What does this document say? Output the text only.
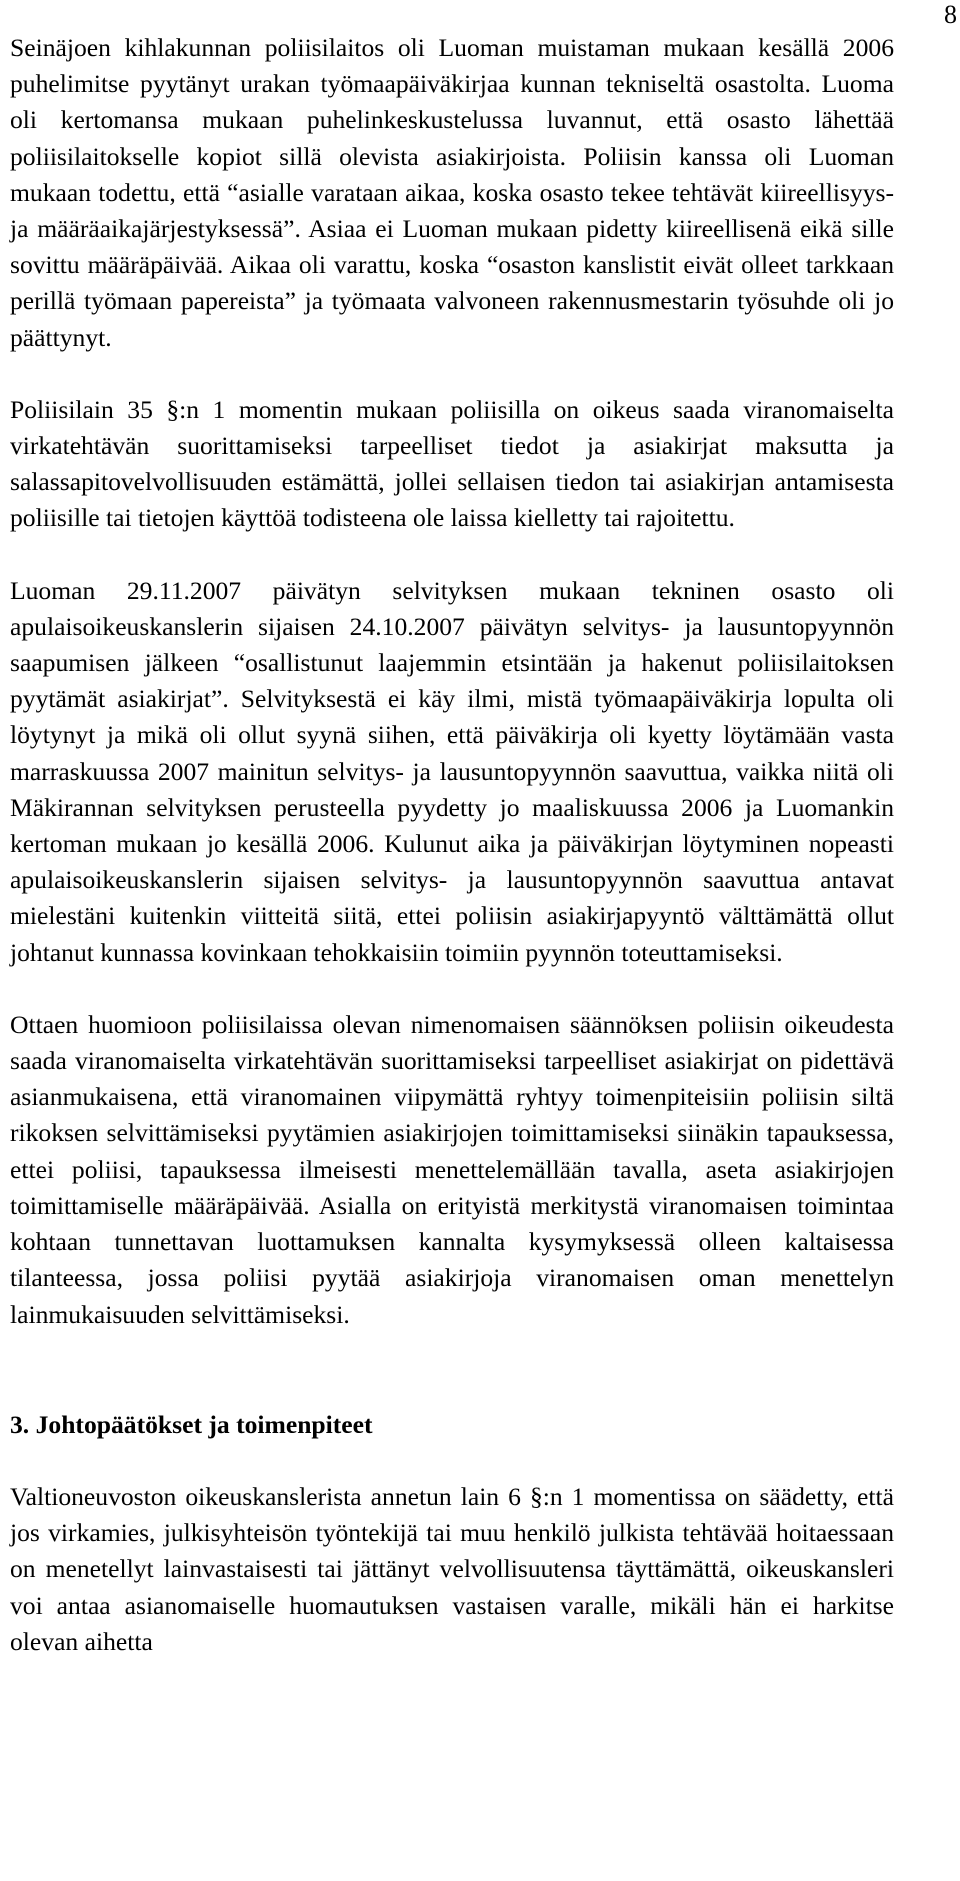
8

Seinäjoen kihlakunnan poliisilaitos oli Luoman muistaman mukaan kesällä 2006 puhelimitse pyytänyt urakan työmaapäiväkirjaa kunnan tekniseltä osastolta. Luoma oli kertomansa mukaan puhelinkeskustelussa luvannut, että osasto lähettää poliisilaitokselle kopiot sillä olevista asiakirjoista. Poliisin kanssa oli Luoman mukaan todettu, että “asialle varataan aikaa, koska osasto tekee tehtävät kiireellisyys- ja määräaikajärjestyksessä”. Asiaa ei Luoman mukaan pidetty kiireellisenä eikä sille sovittu määräpäivää. Aikaa oli varattu, koska “osaston kanslistit eivät olleet tarkkaan perillä työmaan papereista” ja työmaata valvoneen rakennusmestarin työsuhde oli jo päättynyt.

Poliisilain 35 §:n 1 momentin mukaan poliisilla on oikeus saada viranomaiselta virkatehtävän suorittamiseksi tarpeelliset tiedot ja asiakirjat maksutta ja salassapitovelvollisuuden estämättä, jollei sellaisen tiedon tai asiakirjan antamisesta poliisille tai tietojen käyttöä todisteena ole laissa kielletty tai rajoitettu.

Luoman 29.11.2007 päivätyn selvityksen mukaan tekninen osasto oli apulaisoikeuskanslerin sijaisen 24.10.2007 päivätyn selvitys- ja lausuntopyynnön saapumisen jälkeen “osallistunut laajemmin etsintään ja hakenut poliisilaitoksen pyytämät asiakirjat”. Selvityksestä ei käy ilmi, mistä työmaapäiväkirja lopulta oli löytynyt ja mikä oli ollut syynä siihen, että päiväkirja oli kyetty löytämään vasta marraskuussa 2007 mainitun selvitys- ja lausuntopyynnön saavuttua, vaikka niitä oli Mäkirannan selvityksen perusteella pyydetty jo maaliskuussa 2006 ja Luomankin kertoman mukaan jo kesällä 2006. Kulunut aika ja päiväkirjan löytyminen nopeasti apulaisoikeuskanslerin sijaisen selvitys- ja lausuntopyynnön saavuttua antavat mielestäni kuitenkin viitteitä siitä, ettei poliisin asiakirjapyyntö välttämättä ollut johtanut kunnassa kovinkaan tehokkaisiin toimiin pyynnön toteuttamiseksi.

Ottaen huomioon poliisilaissa olevan nimenomaisen säännöksen poliisin oikeudesta saada viranomaiselta virkatehtävän suorittamiseksi tarpeelliset asiakirjat on pidettävä asianmukaisena, että viranomainen viipymättä ryhtyy toimenpiteisiin poliisin siltä rikoksen selvittämiseksi pyytämien asiakirjojen toimittamiseksi siinäkin tapauksessa, ettei poliisi, tapauksessa ilmeisesti menettelemällään tavalla, aseta asiakirjojen toimittamiselle määräpäivää. Asialla on erityistä merkitystä viranomaisen toimintaa kohtaan tunnettavan luottamuksen kannalta kysymyksessä olleen kaltaisessa tilanteessa, jossa poliisi pyytää asiakirjoja viranomaisen oman menettelyn lainmukaisuuden selvittämiseksi.

3. Johtopäätökset ja toimenpiteet

Valtioneuvoston oikeuskanslerista annetun lain 6 §:n 1 momentissa on säädetty, että jos virkamies, julkisyhteisön työntekijä tai muu henkilö julkista tehtävää hoitaessaan on menetellyt lainvastaisesti tai jättänyt velvollisuutensa täyttämättä, oikeuskansleri voi antaa asianomaiselle huomautuksen vastaisen varalle, mikäli hän ei harkitse olevan aihetta
